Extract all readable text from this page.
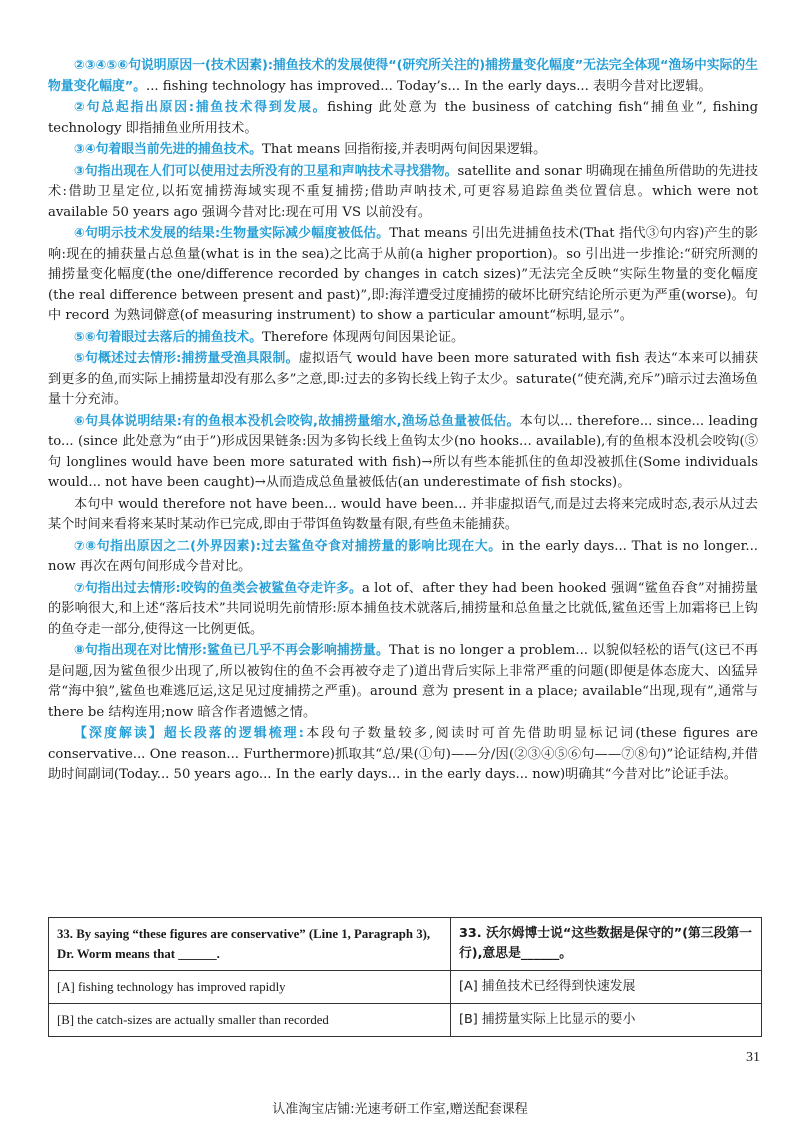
②③④⑤⑥句说明原因一(技术因素):捕鱼技术的发展使得“(研究所关注的)捕捞量变化幅度”无法完全体现“渔场中实际的生物量变化幅度”。... fishing technology has improved... Today’s... In the early days... 表明今昔对比逻辑。

②句总起指出原因:捕鱼技术得到发展。fishing 此处意为 the business of catching fish“捕鱼业”, fishing technology 即指捕鱼业所用技术。

③④句着眼当前先进的捕鱼技术。That means 回指衔接,并表明两句间因果逻辑。

③句指出现在人们可以使用过去所没有的卫星和声呐技术寻找猎物。satellite and sonar 明确现在捕鱼所借助的先进技术:借助卫星定位,以拓宽捕捞海域实现不重复捕捞;借助声呐技术,可更容易追踪鱼类位置信息。which were not available 50 years ago 强调今昔对比:现在可用 VS 以前没有。

④句明示技术发展的结果:生物量实际减少幅度被低估。That means 引出先进捕鱼技术(That 指代③句内容)产生的影响:现在的捕获量占总鱼量(what is in the sea)之比高于从前(a higher proportion)。so 引出进一步推论:“研究所测的捕捞量变化幅度(the one/difference recorded by changes in catch sizes)”无法完全反映“实际生物量的变化幅度(the real difference between present and past)”,即:海洋遭受过度捕捞的破坏比研究结论所示更为严重(worse)。句中 record 为熟词僻意(of measuring instrument) to show a particular amount“标明,显示”。

⑤⑥句着眼过去落后的捕鱼技术。Therefore 体现两句间因果论证。

⑤句概述过去情形:捕捞量受渔具限制。虚拟语气 would have been more saturated with fish 表达“本来可以捕获到更多的鱼,而实际上捕捞量却没有那么多”之意,即:过去的多钩长线上钩子太少。saturate(“使充满,充斥”)暗示过去渔场鱼量十分充沛。

⑥句具体说明结果:有的鱼根本没机会咬钩,故捕捞量缩水,渔场总鱼量被低估。本句以... therefore... since... leading to... (since 此处意为“由于”)形成因果链条:因为多钩长线上鱼钩太少(no hooks... available),有的鱼根本没机会咬钩(⑤句 longlines would have been more saturated with fish)→所以有些本能抓住的鱼却没被抓住(Some individuals would... not have been caught)→从而造成总鱼量被低估(an underestimate of fish stocks)。

本句中 would therefore not have been... would have been... 并非虚拟语气,而是过去将来完成时态,表示从过去某个时间来看将来某时某动作已完成,即由于带饵鱼钩数量有限,有些鱼未能捕获。

⑦⑧句指出原因之二(外界因素):过去鲨鱼夺食对捕捞量的影响比现在大。in the early days... That is no longer... now 再次在两句间形成今昔对比。

⑦句指出过去情形:咬钩的鱼类会被鲨鱼夺走许多。a lot of、after they had been hooked 强调“鲨鱼吞食”对捕捞量的影响很大,和上述“落后技术”共同说明先前情形:原本捕鱼技术就落后,捕捞量和总鱼量之比就低,鲨鱼还雪上加霜将已上钩的鱼夺走一部分,使得这一比例更低。

⑧句指出现在对比情形:鲨鱼已几乎不再会影响捕捞量。That is no longer a problem... 以貌似轻松的语气(这已不再是问题,因为鲨鱼很少出现了,所以被钩住的鱼不会再被夺走了)道出背后实际上非常严重的问题(即便是体态庞大、凶猛异常“海中狼”,鲨鱼也难逃厄运,这足见过度捕捞之严重)。around 意为 present in a place; available“出现,现有”,通常与 there be 结构连用;now 暗含作者遗憾之情。

【深度解读】超长段落的逻辑梳理:本段句子数量较多,阅读时可首先借助明显标记词(these figures are conservative... One reason... Furthermore)抓取其“总/果(①句)——分/因(②③④⑤⑥句——⑦⑧句)”论证结构,并借助时间副词(Today... 50 years ago... In the early days... in the early days... now)明确其“今昔对比”论证手法。

33. By saying “these figures are conservative” (Line 1, Paragraph 3), Dr. Worm means that ______.	33. 沃尔姆博士说“这些数据是保守的”(第三段第一行),意思是______。
[A] fishing technology has improved rapidly	[A] 捕鱼技术已经得到快速发展
[B] the catch-sizes are actually smaller than recorded	[B] 捕捞量实际上比显示的要小
31
认准淘宝店铺:光速考研工作室,赠送配套课程
